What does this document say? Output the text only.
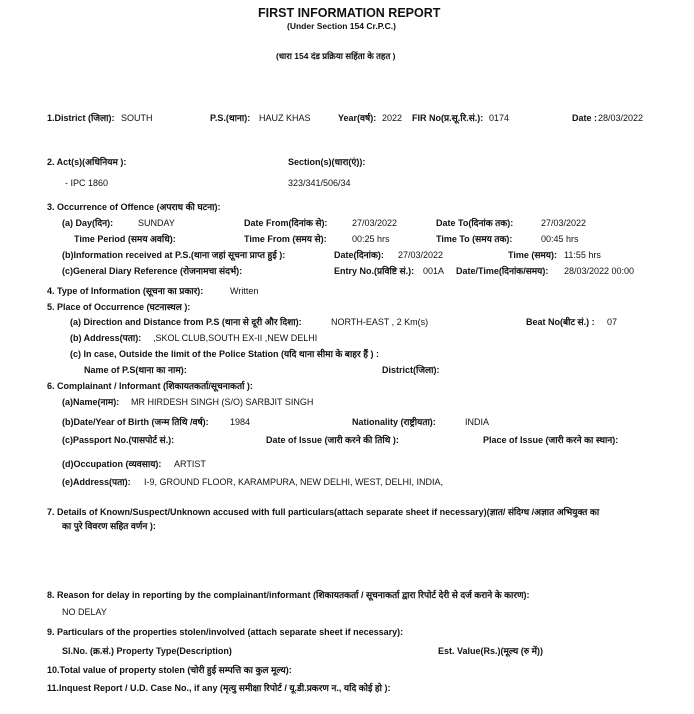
FIRST INFORMATION REPORT
(Under Section 154 Cr.P.C.)
(धारा 154 दंड प्रक्रिया सहिंता के तहत )
1.District (जिला): SOUTH	P.S.(थाना): HAUZ KHAS	Year(वर्ष): 2022 FIR No(प्र.सू.रि.सं.): 0174	Date : 28/03/2022
2. Act(s)(अधिनियम ):	Section(s)(धारा(एं)):
- IPC 1860	323/341/506/34
3. Occurrence of Offence (अपराध की घटना):
(a) Day(दिन):	SUNDAY	Date From(दिनांक से):	27/03/2022	Date To(दिनांक तक):	27/03/2022
Time Period (समय अवधि):	Time From (समय से):	00:25 hrs	Time To (समय तक):	00:45 hrs
(b)Information received at P.S.(थाना जहां सूचना प्राप्त हुई ):	Date(दिनांक): 27/03/2022	Time (समय): 11:55 hrs
(c)General Diary Reference (रोजनामचा संदर्भ):	Entry No.(प्रविष्टि सं.): 001A Date/Time(दिनांक/समय): 28/03/2022 00:00
4. Type of Information (सूचना का प्रकार):	Written
5. Place of Occurrence (घटनास्थल ):
(a) Direction and Distance from P.S (थाना से दूरी और दिशा):	NORTH-EAST , 2 Km(s)	Beat No(बीट सं.) : 07
(b) Address(पता): ,SKOL CLUB,SOUTH EX-II ,NEW DELHI
(c) In case, Outside the limit of the Police Station (यदि थाना सीमा के बाहर हैं ) :
Name of P.S(थाना का नाम):	District(जिला):
6. Complainant / Informant (शिकायतकर्ता/सूचनाकर्ता ):
(a)Name(नाम): MR HIRDESH SINGH (S/O) SARBJIT SINGH
(b)Date/Year of Birth (जन्म तिथि /वर्ष): 1984	Nationality (राष्ट्रीयता):	INDIA
(c)Passport No.(पासपोर्ट सं.):	Date of Issue (जारी करने की तिथि ):	Place of Issue (जारी करने का स्थान):
(d)Occupation (व्यवसाय): ARTIST
(e)Address(पता): I-9, GROUND FLOOR, KARAMPURA, NEW DELHI, WEST, DELHI, INDIA,
7. Details of Known/Suspect/Unknown accused with full particulars(attach separate sheet if necessary)(ज्ञात/ संदिग्ध /अज्ञात अभियुक्त का
का पुरे विवरण सहित वर्णन ):
8. Reason for delay in reporting by the complainant/informant (शिकायतकर्ता / सूचनाकर्ता द्वारा रिपोर्ट देरी से दर्ज कराने के कारण):
NO DELAY
9. Particulars of the properties stolen/involved (attach separate sheet if necessary):
Sl.No. (क्र.सं.) Property Type(Description)	Est. Value(Rs.)(मूल्य (रु में))
10.Total value of property stolen (चोरी हुई सम्पत्ति का कुल मूल्य):
11.Inquest Report / U.D. Case No., if any (मृत्यु समीक्षा रिपोर्ट / यू.डी.प्रकरण न., यदि कोई हो ):
